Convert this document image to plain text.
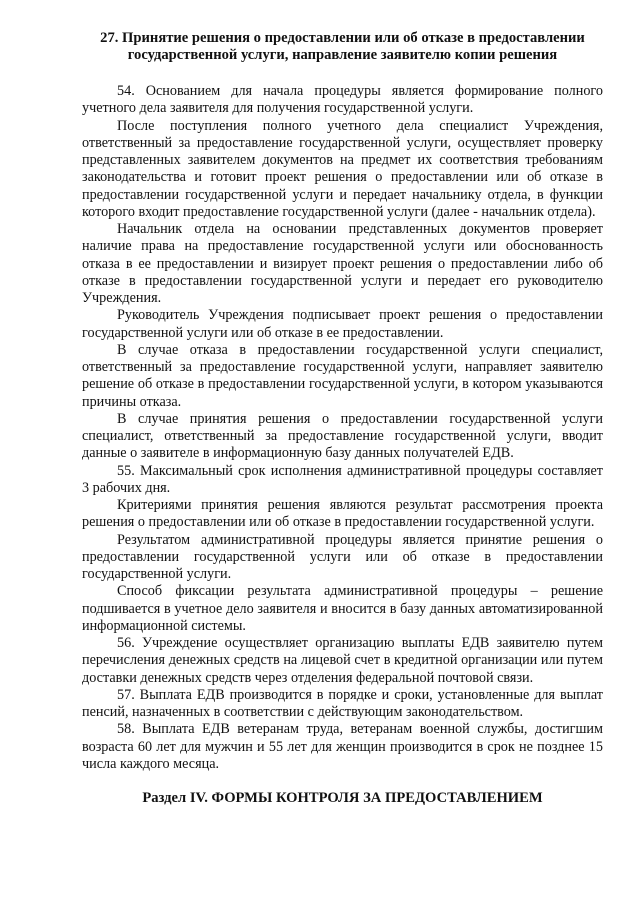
27. Принятие решения о предоставлении или об отказе в предоставлении государственной услуги, направление заявителю копии решения

54. Основанием для начала процедуры является формирование полного учетного дела заявителя для получения государственной услуги.

После поступления полного учетного дела специалист Учреждения, ответственный за предоставление государственной услуги, осуществляет проверку представленных заявителем документов на предмет их соответствия требованиям законодательства и готовит проект решения о предоставлении или об отказе в предоставлении государственной услуги и передает начальнику отдела, в функции которого входит предоставление государственной услуги (далее - начальник отдела).

Начальник отдела на основании представленных документов проверяет наличие права на предоставление государственной услуги или обоснованность отказа в ее предоставлении и визирует проект решения о предоставлении либо об отказе в предоставлении государственной услуги и передает его руководителю Учреждения.

Руководитель Учреждения подписывает проект решения о предоставлении государственной услуги или об отказе в ее предоставлении.

В случае отказа в предоставлении государственной услуги специалист, ответственный за предоставление государственной услуги, направляет заявителю решение об отказе в предоставлении государственной услуги, в котором указываются причины отказа.

В случае принятия решения о предоставлении государственной услуги специалист, ответственный за предоставление государственной услуги, вводит данные о заявителе в информационную базу данных получателей ЕДВ.

55. Максимальный срок исполнения административной процедуры составляет 3 рабочих дня.

Критериями принятия решения являются результат рассмотрения проекта решения о предоставлении или об отказе в предоставлении государственной услуги.

Результатом административной процедуры является принятие решения о предоставлении государственной услуги или об отказе в предоставлении государственной услуги.

Способ фиксации результата административной процедуры – решение подшивается в учетное дело заявителя и вносится в базу данных автоматизированной информационной системы.

56. Учреждение осуществляет организацию выплаты ЕДВ заявителю путем перечисления денежных средств на лицевой счет в кредитной организации или путем доставки денежных средств через отделения федеральной почтовой связи.

57. Выплата ЕДВ производится в порядке и сроки, установленные для выплат пенсий, назначенных в соответствии с действующим законодательством.

58. Выплата ЕДВ ветеранам труда, ветеранам военной службы, достигшим возраста 60 лет для мужчин и 55 лет для женщин производится в срок не позднее 15 числа каждого месяца.

Раздел IV. ФОРМЫ КОНТРОЛЯ ЗА ПРЕДОСТАВЛЕНИЕМ
